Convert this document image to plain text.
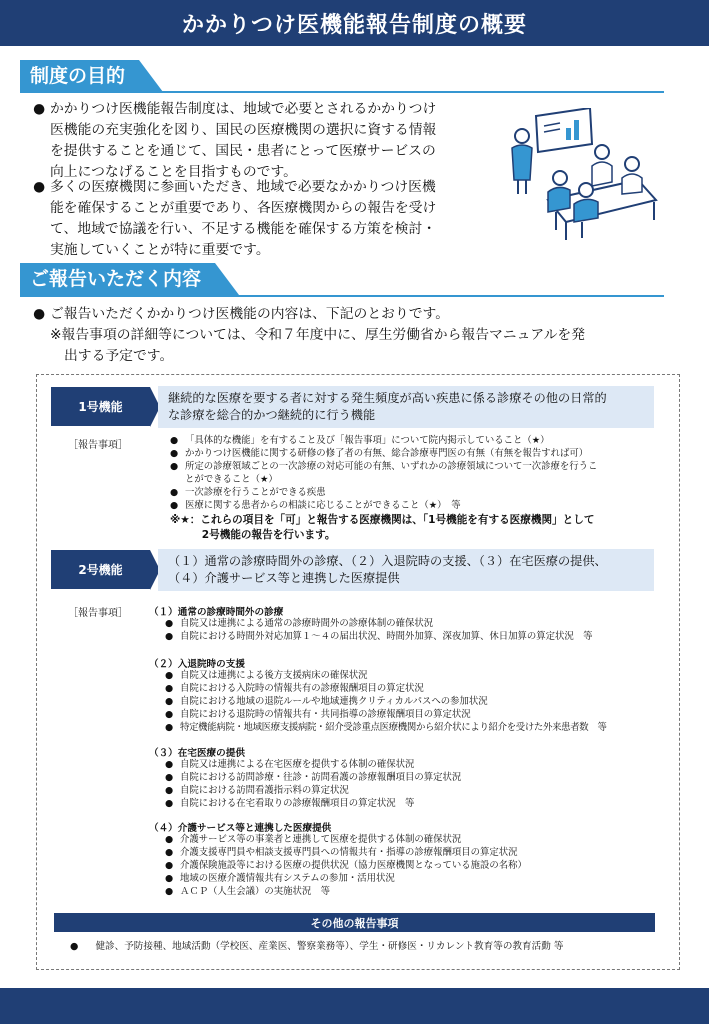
かかりつけ医機能報告制度の概要
制度の目的
● かかりつけ医機能報告制度は、地域で必要とされるかかりつけ
医機能の充実強化を図り、国民の医療機関の選択に資する情報
を提供することを通じて、国民・患者にとって医療サービスの
向上につなげることを目指すものです。
● 多くの医療機関に参画いただき、地域で必要なかかりつけ医機
能を確保することが重要であり、各医療機関からの報告を受け
て、地域で協議を行い、不足する機能を確保する方策を検討・
実施していくことが特に重要です。
ご報告いただく内容
● ご報告いただくかかりつけ医機能の内容は、下記のとおりです。
※報告事項の詳細等については、令和７年度中に、厚生労働省から報告マニュアルを発
出する予定です。
1号機能
継続的な医療を要する者に対する発生頻度が高い疾患に係る診療その他の日常的
な診療を総合的かつ継続的に行う機能
［報告事項］	● 「具体的な機能」を有すること及び「報告事項」について院内掲示していること（★）
● かかりつけ医機能に関する研修の修了者の有無、総合診療専門医の有無（有無を報告すれば可）
● 所定の診療領域ごとの一次診療の対応可能の有無、いずれかの診療領域について一次診療を行うこ
とができること（★）
● 一次診療を行うことができる疾患
● 医療に関する患者からの相談に応じることができること（★）　等
※★：これらの項目を「可」と報告する医療機関は、「1号機能を有する医療機関」として
　　　2号機能の報告を行います。
2号機能
（１）通常の診療時間外の診療、（２）入退院時の支援、（３）在宅医療の提供、
（４）介護サービス等と連携した医療提供
［報告事項］ （１）通常の診療時間外の診療
● 自院又は連携による通常の診療時間外の診療体制の確保状況
● 自院における時間外対応加算１～４の届出状況、時間外加算、深夜加算、休日加算の算定状況　等
（２）入退院時の支援
● 自院又は連携による後方支援病床の確保状況
● 自院における入院時の情報共有の診療報酬項目の算定状況
● 自院における地域の退院ルールや地域連携クリティカルパスへの参加状況
● 自院における退院時の情報共有・共同指導の診療報酬項目の算定状況
● 特定機能病院・地域医療支援病院・紹介受診重点医療機関から紹介状により紹介を受けた外来患者数　等
（３）在宅医療の提供
● 自院又は連携による在宅医療を提供する体制の確保状況
● 自院における訪問診療・往診・訪問看護の診療報酬項目の算定状況
● 自院における訪問看護指示料の算定状況
● 自院における在宅看取りの診療報酬項目の算定状況　等
（４）介護サービス等と連携した医療提供
● 介護サービス等の事業者と連携して医療を提供する体制の確保状況
● 介護支援専門員や相談支援専門員への情報共有・指導の診療報酬項目の算定状況
● 介護保険施設等における医療の提供状況（協力医療機関となっている施設の名称）
● 地域の医療介護情報共有システムの参加・活用状況
● ＡＣＰ（人生会議）の実施状況　等
その他の報告事項
● 健診、予防接種、地域活動（学校医、産業医、警察業務等）、学生・研修医・リカレント教育等の教育活動 等
